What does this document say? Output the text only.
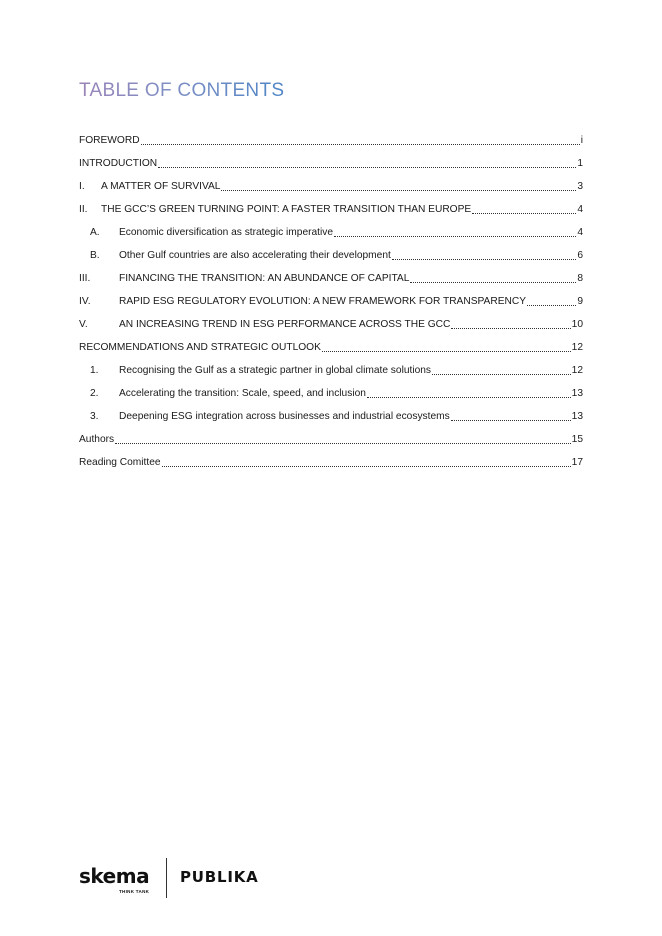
TABLE OF CONTENTS
FOREWORD	i
INTRODUCTION	1
I.	A MATTER OF SURVIVAL	3
II.	THE GCC’S GREEN TURNING POINT: A FASTER TRANSITION THAN EUROPE	4
A.	Economic diversification as strategic imperative	4
B.	Other Gulf countries are also accelerating their development	6
III.	FINANCING THE TRANSITION: AN ABUNDANCE OF CAPITAL	8
IV.	RAPID ESG REGULATORY EVOLUTION: A NEW FRAMEWORK FOR TRANSPARENCY	9
V.	AN INCREASING TREND IN ESG PERFORMANCE ACROSS THE GCC	10
RECOMMENDATIONS AND STRATEGIC OUTLOOK	12
1.	Recognising the Gulf as a strategic partner in global climate solutions	12
2.	Accelerating the transition: Scale, speed, and inclusion	13
3.	Deepening ESG integration across businesses and industrial ecosystems	13
Authors	15
Reading Comittee	17
skema
THINK TANK
PUBLIKA
